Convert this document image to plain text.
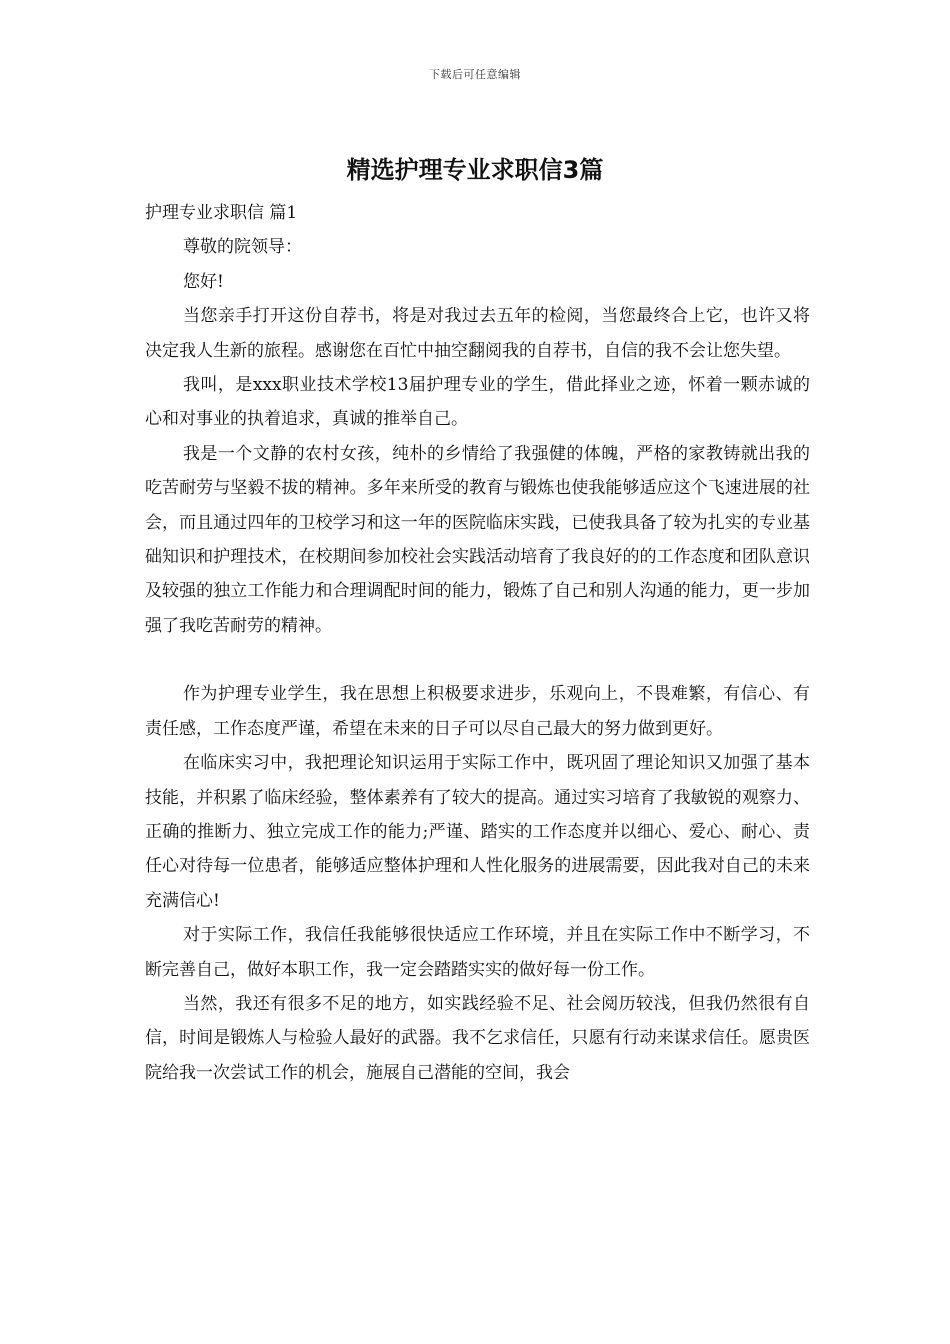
下载后可任意编辑
精选护理专业求职信3篇

护理专业求职信 篇1

尊敬的院领导：

您好!

当您亲手打开这份自荐书，将是对我过去五年的检阅，当您最终合上它，也许又将决定我人生新的旅程。感谢您在百忙中抽空翻阅我的自荐书，自信的我不会让您失望。

我叫，是xxx职业技术学校13届护理专业的学生，借此择业之迹，怀着一颗赤诚的心和对事业的执着追求，真诚的推举自己。

我是一个文静的农村女孩，纯朴的乡情给了我强健的体魄，严格的家教铸就出我的吃苦耐劳与坚毅不拔的精神。多年来所受的教育与锻炼也使我能够适应这个飞速进展的社会，而且通过四年的卫校学习和这一年的医院临床实践，已使我具备了较为扎实的专业基础知识和护理技术，在校期间参加校社会实践活动培育了我良好的的工作态度和团队意识及较强的独立工作能力和合理调配时间的能力，锻炼了自己和别人沟通的能力，更一步加强了我吃苦耐劳的精神。

作为护理专业学生，我在思想上积极要求进步，乐观向上，不畏难繁，有信心、有责任感，工作态度严谨，希望在未来的日子可以尽自己最大的努力做到更好。

在临床实习中，我把理论知识运用于实际工作中，既巩固了理论知识又加强了基本技能，并积累了临床经验，整体素养有了较大的提高。通过实习培育了我敏锐的观察力、正确的推断力、独立完成工作的能力;严谨、踏实的工作态度并以细心、爱心、耐心、责任心对待每一位患者，能够适应整体护理和人性化服务的进展需要，因此我对自己的未来充满信心!

对于实际工作，我信任我能够很快适应工作环境，并且在实际工作中不断学习，不断完善自己，做好本职工作，我一定会踏踏实实的做好每一份工作。

当然，我还有很多不足的地方，如实践经验不足、社会阅历较浅，但我仍然很有自信，时间是锻炼人与检验人最好的武器。我不乞求信任，只愿有行动来谋求信任。愿贵医院给我一次尝试工作的机会，施展自己潜能的空间，我会
